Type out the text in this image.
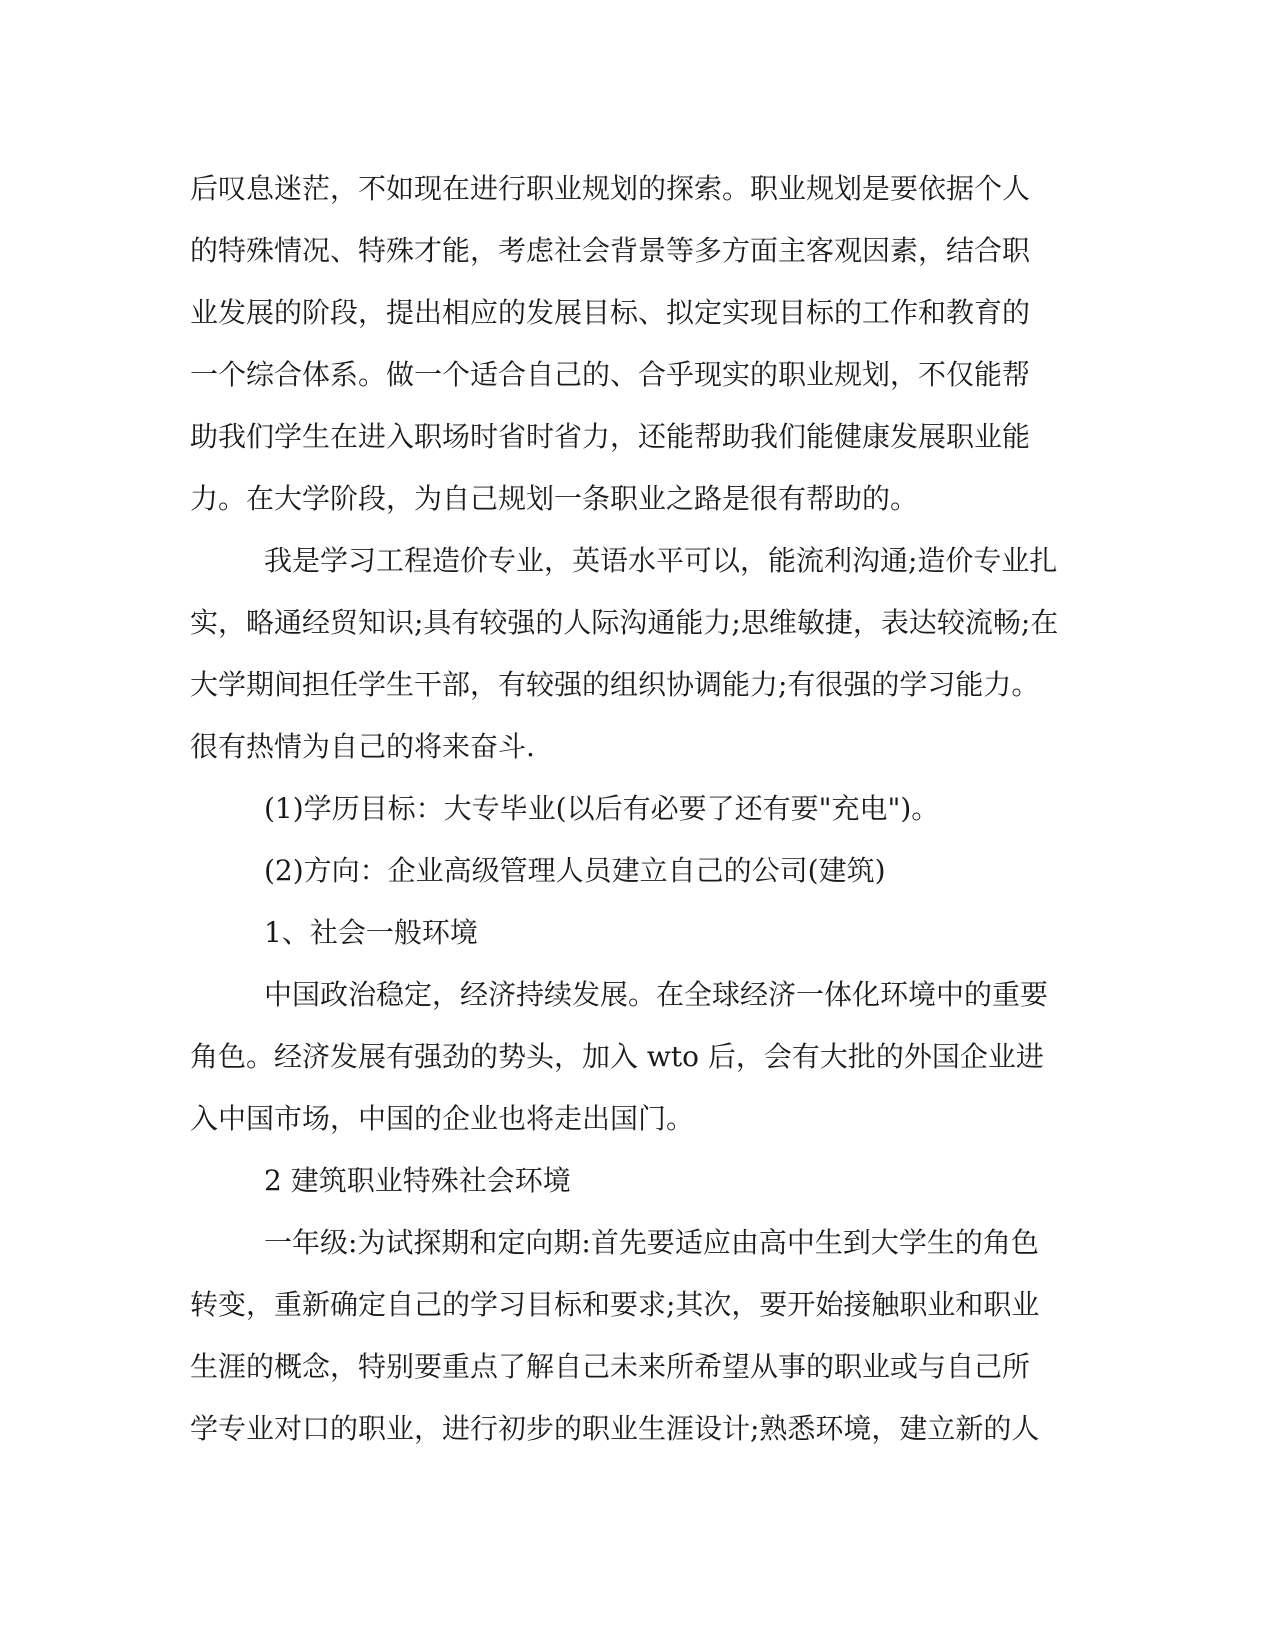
后叹息迷茫，不如现在进行职业规划的探索。职业规划是要依据个人
的特殊情况、特殊才能，考虑社会背景等多方面主客观因素，结合职
业发展的阶段，提出相应的发展目标、拟定实现目标的工作和教育的
一个综合体系。做一个适合自己的、合乎现实的职业规划，不仅能帮
助我们学生在进入职场时省时省力，还能帮助我们能健康发展职业能
力。在大学阶段，为自己规划一条职业之路是很有帮助的。
我是学习工程造价专业，英语水平可以，能流利沟通;造价专业扎
实，略通经贸知识;具有较强的人际沟通能力;思维敏捷，表达较流畅;在
大学期间担任学生干部，有较强的组织协调能力;有很强的学习能力。
很有热情为自己的将来奋斗.
(1)学历目标：大专毕业(以后有必要了还有要"充电")。
(2)方向：企业高级管理人员建立自己的公司(建筑)
1、社会一般环境
中国政治稳定，经济持续发展。在全球经济一体化环境中的重要
角色。经济发展有强劲的势头，加入 wto 后，会有大批的外国企业进
入中国市场，中国的企业也将走出国门。
2 建筑职业特殊社会环境
一年级:为试探期和定向期:首先要适应由高中生到大学生的角色
转变，重新确定自己的学习目标和要求;其次，要开始接触职业和职业
生涯的概念，特别要重点了解自己未来所希望从事的职业或与自己所
学专业对口的职业，进行初步的职业生涯设计;熟悉环境，建立新的人
